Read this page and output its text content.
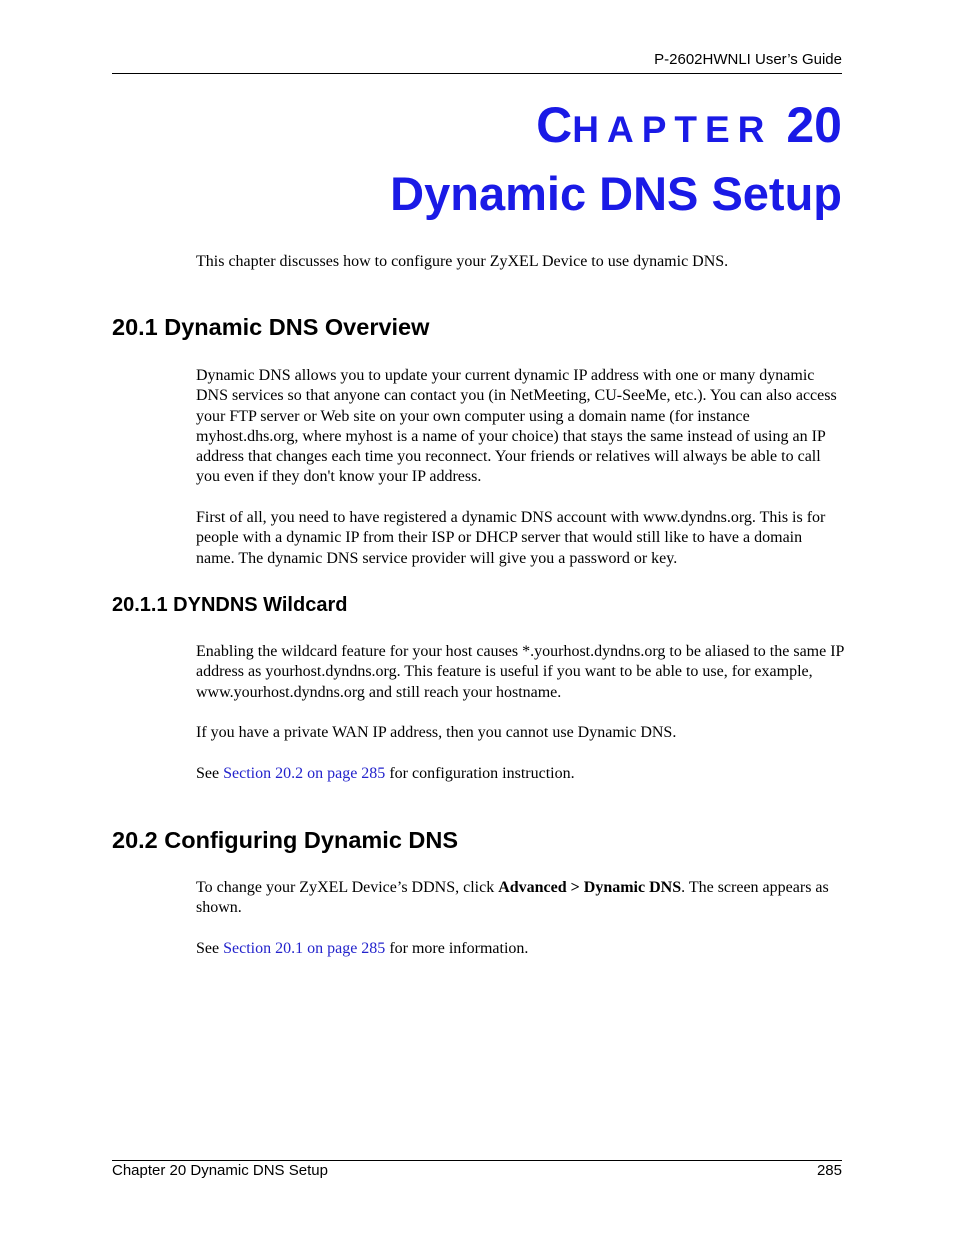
P-2602HWNLI User’s Guide
CHAPTER 20
Dynamic DNS Setup
This chapter discusses how to configure your ZyXEL Device to use dynamic DNS.
20.1 Dynamic DNS Overview
Dynamic DNS allows you to update your current dynamic IP address with one or many dynamic DNS services so that anyone can contact you (in NetMeeting, CU-SeeMe, etc.). You can also access your FTP server or Web site on your own computer using a domain name (for instance myhost.dhs.org, where myhost is a name of your choice) that stays the same instead of using an IP address that changes each time you reconnect. Your friends or relatives will always be able to call you even if they don't know your IP address.
First of all, you need to have registered a dynamic DNS account with www.dyndns.org. This is for people with a dynamic IP from their ISP or DHCP server that would still like to have a domain name. The dynamic DNS service provider will give you a password or key.
20.1.1 DYNDNS Wildcard
Enabling the wildcard feature for your host causes *.yourhost.dyndns.org to be aliased to the same IP address as yourhost.dyndns.org. This feature is useful if you want to be able to use, for example, www.yourhost.dyndns.org and still reach your hostname.
If you have a private WAN IP address, then you cannot use Dynamic DNS.
See Section 20.2 on page 285 for configuration instruction.
20.2 Configuring Dynamic DNS
To change your ZyXEL Device’s DDNS, click Advanced > Dynamic DNS. The screen appears as shown.
See Section 20.1 on page 285 for more information.
Chapter 20 Dynamic DNS Setup	285
